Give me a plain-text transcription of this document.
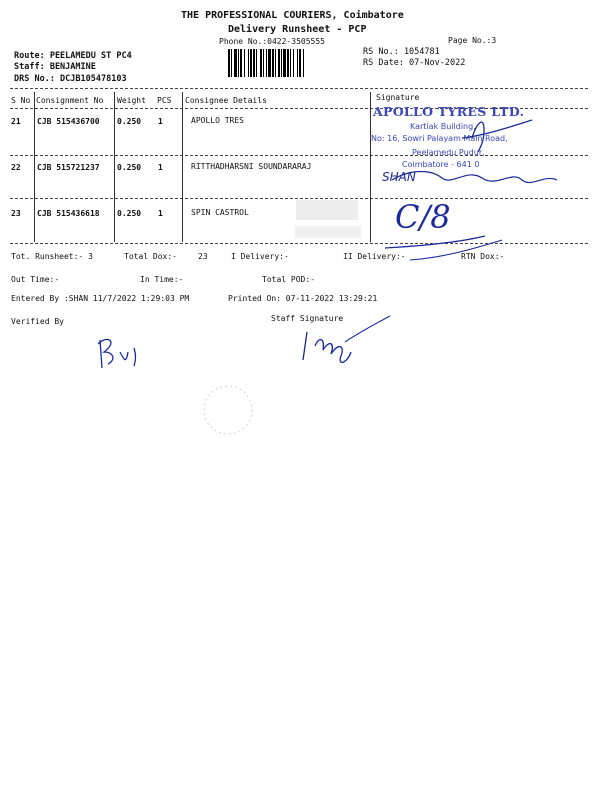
THE PROFESSIONAL COURIERS, Coimbatore
Delivery Runsheet - PCP
Phone No.:0422-3505555	Page No.:3
Route: PEELAMEDU ST PC4
Staff: BENJAMINE
DRS No.: DCJB105478103
RS No.: 1054781
RS Date: 07-Nov-2022
S No Consignment No Weight PCS Consignee Details	Signature
21 CJB 515436700 0.250 1	APOLLO TRES
22 CJB 515721237 0.250 1	RITTHADHARSNI SOUNDARARAJ
23 CJB 515436618 0.250 1	SPIN CASTROL
APOLLO TYRES LTD.
Kartiak Building,
No: 16, Sowri Palayam Main Road,
Peelamedu Pudur,
Coimbatore - 641 0
SHAN
C/8
Tot. Runsheet:- 3	Total Dox:-	23	I Delivery:-	II Delivery:-	RTN Dox:-
Out Time:-	In Time:-	Total POD:-
Entered By :SHAN 11/7/2022 1:29:03 PM	Printed On: 07-11-2022 13:29:21
Verified By	Staff Signature
